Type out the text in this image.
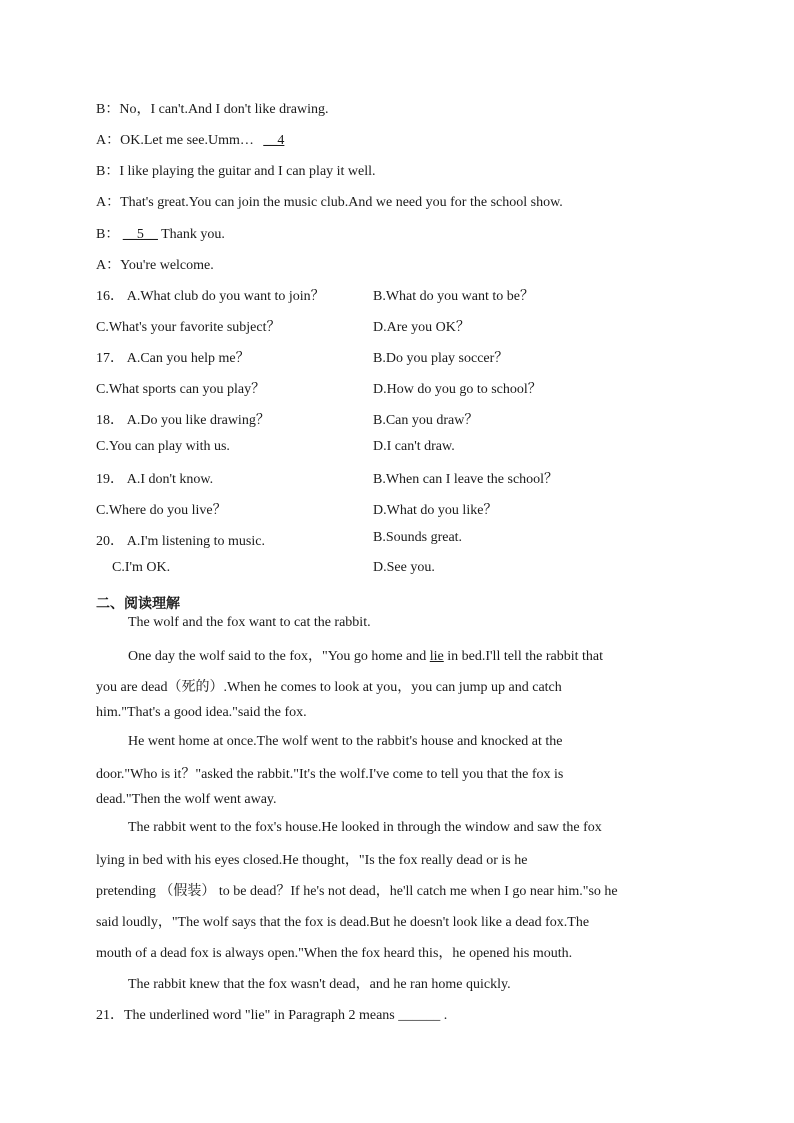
B：No，I can't.And I don't like drawing.
A：OK.Let me see.Umm… __4
B：I like playing the guitar and I can play it well.
A：That's great.You can join the music club.And we need you for the school show.
B： __5__ Thank you.
A：You're welcome.
16． A.What club do you want to join？	B.What do you want to be？
C.What's your favorite subject？	D.Are you OK？
17． A.Can you help me？	B.Do you play soccer？
C.What sports can you play？	D.How do you go to school？
18． A.Do you like drawing？	B.Can you draw？
C.You can play with us.	D.I can't draw.
19． A.I don't know.	B.When can I leave the school？
C.Where do you live？	D.What do you like？
20． A.I'm listening to music.	B.Sounds great.
C.I'm OK.	D.See you.
二、阅读理解
The wolf and the fox want to cat the rabbit.
One day the wolf said to the fox，"You go home and lie in bed.I'll tell the rabbit that
you are dead（死的）.When he comes to look at you，you can jump up and catch
him."That's a good idea."said the fox.
He went home at once.The wolf went to the rabbit's house and knocked at the
door."Who is it？"asked the rabbit."It's the wolf.I've come to tell you that the fox is
dead."Then the wolf went away.
The rabbit went to the fox's house.He looked in through the window and saw the fox
lying in bed with his eyes closed.He thought，"Is the fox really dead or is he
pretending （假装） to be dead？If he's not dead，he'll catch me when I go near him."so he
said loudly，"The wolf says that the fox is dead.But he doesn't look like a dead fox.The
mouth of a dead fox is always open."When the fox heard this，he opened his mouth.
The rabbit knew that the fox wasn't dead，and he ran home quickly.
21．The underlined word "lie" in Paragraph 2 means ______ .
